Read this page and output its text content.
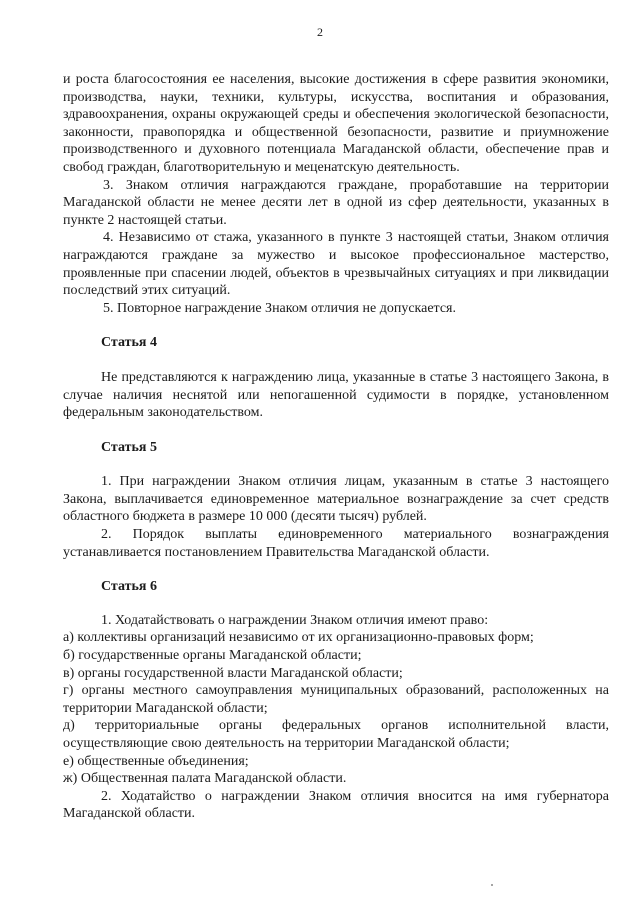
2

и роста благосостояния ее населения, высокие достижения в сфере развития экономики, производства, науки, техники, культуры, искусства, воспитания и образования, здравоохранения, охраны окружающей среды и обеспечения экологической безопасности, законности, правопорядка и общественной безопасности, развитие и приумножение производственного и духовного потенциала Магаданской области, обеспечение прав и свобод граждан, благотворительную и меценатскую деятельность.

3. Знаком отличия награждаются граждане, проработавшие на территории Магаданской области не менее десяти лет в одной из сфер деятельности, указанных в пункте 2 настоящей статьи.

4. Независимо от стажа, указанного в пункте 3 настоящей статьи, Знаком отличия награждаются граждане за мужество и высокое профессиональное мастерство, проявленные при спасении людей, объектов в чрезвычайных ситуациях и при ликвидации последствий этих ситуаций.

5. Повторное награждение Знаком отличия не допускается.

Статья 4

Не представляются к награждению лица, указанные в статье 3 настоящего Закона, в случае наличия неснятой или непогашенной судимости в порядке, установленном федеральным законодательством.

Статья 5

1. При награждении Знаком отличия лицам, указанным в статье 3 настоящего Закона, выплачивается единовременное материальное вознаграждение за счет средств областного бюджета в размере 10 000 (десяти тысяч) рублей.

2. Порядок выплаты единовременного материального вознаграждения устанавливается постановлением Правительства Магаданской области.

Статья 6

1. Ходатайствовать о награждении Знаком отличия имеют право:

а) коллективы организаций независимо от их организационно-правовых форм;

б) государственные органы Магаданской области;

в) органы государственной власти Магаданской области;

г) органы местного самоуправления муниципальных образований, расположенных на территории Магаданской области;

д) территориальные органы федеральных органов исполнительной власти, осуществляющие свою деятельность на территории Магаданской области;

е) общественные объединения;

ж) Общественная палата Магаданской области.

2. Ходатайство о награждении Знаком отличия вносится на имя губернатора Магаданской области.
